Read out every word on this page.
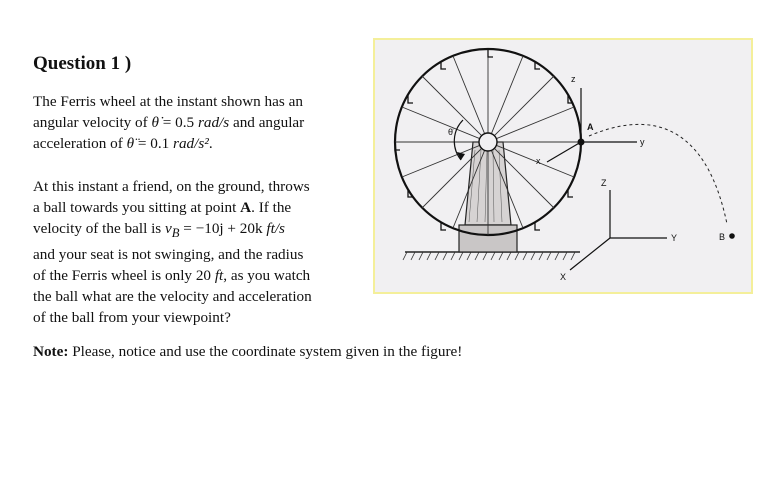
Question 1 )

The Ferris wheel at the instant shown has an
angular velocity of θ̇ = 0.5 rad/s and angular
acceleration of θ̈ = 0.1 rad/s².

At this instant a friend, on the ground, throws
a ball towards you sitting at point A. If the
velocity of the ball is $v_B = -10j + 20k$ ft/s
and your seat is not swinging, and the radius
of the Ferris wheel is only 20 ft, as you watch
the ball what are the velocity and acceleration
of the ball from your viewpoint?

Note: Please, notice and use the coordinate system given in the figure!

θ̇	A
z
y
x
B
Z
Y
X
